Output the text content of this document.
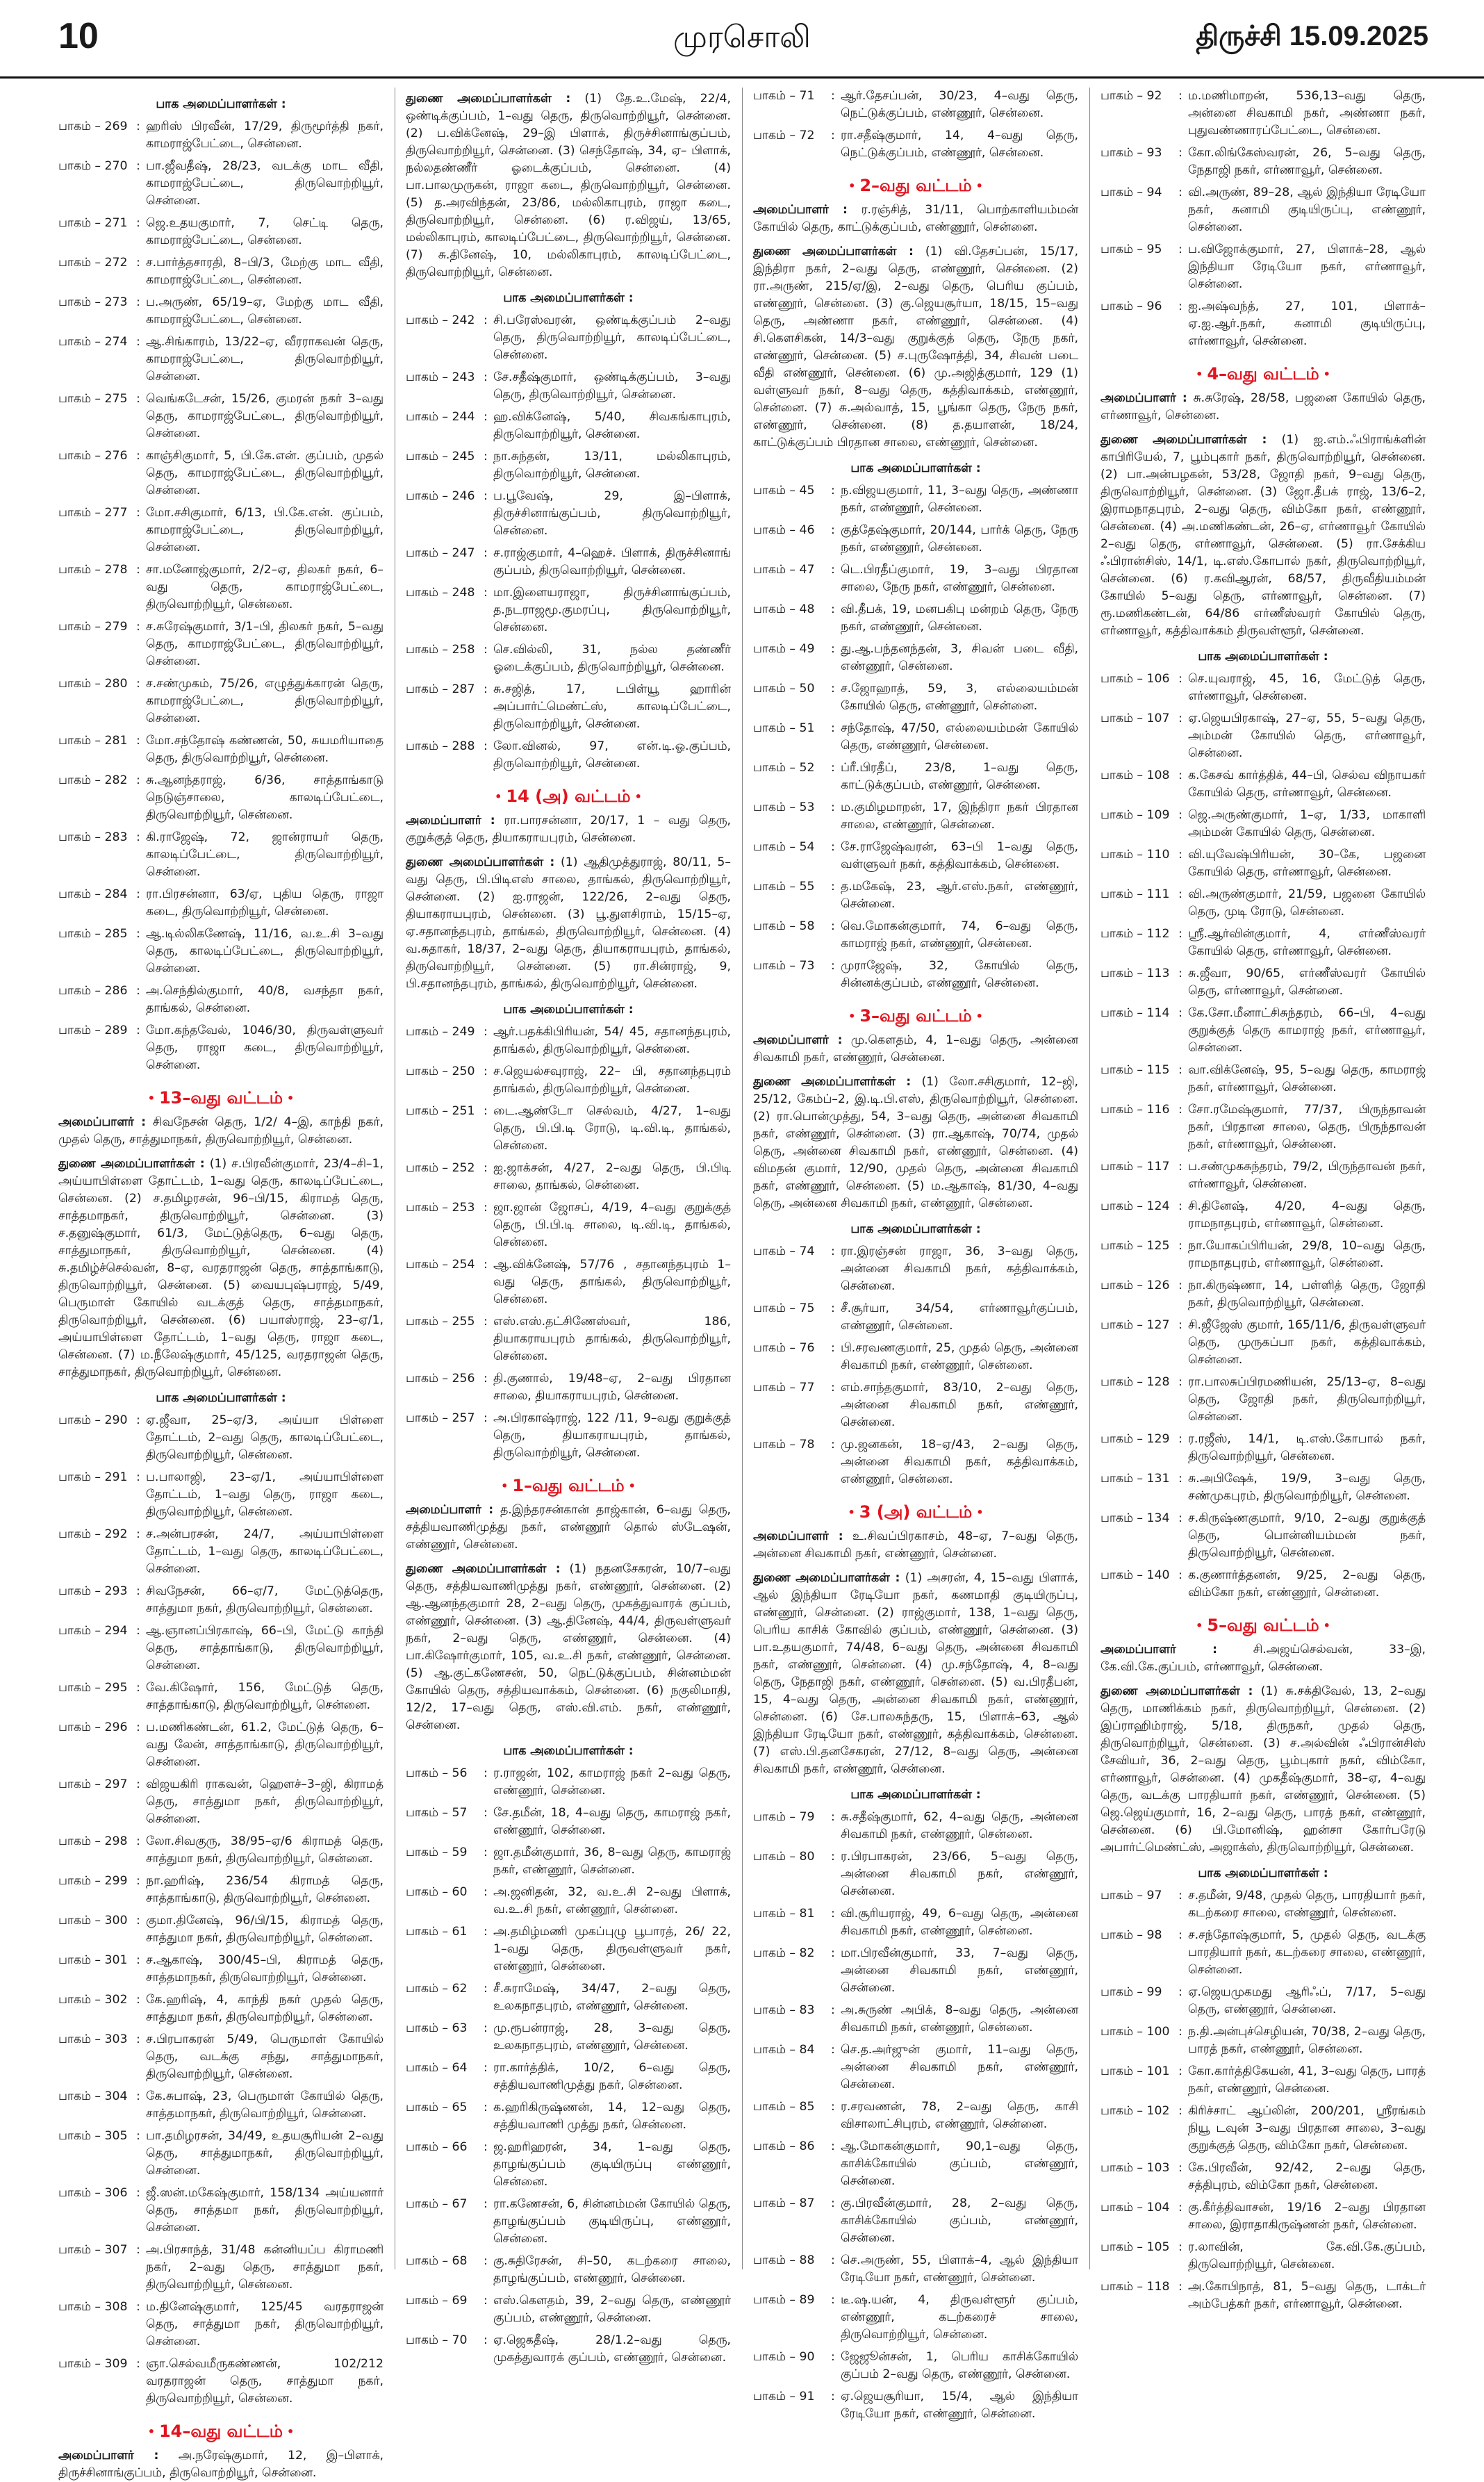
10	முரசொலி	திருச்சி 15.09.2025
பாக அமைப்பாளர்கள் :
பாகம் – 269 : ஹரிஸ் பிரவீன், 17/29, திருமூர்த்தி நகர், காமராஜ்பேட்டை, சென்னை.
பாகம் – 270 : பா.ஜீவதீஷ், 28/23, வடக்கு மாட வீதி, காமராஜ்பேட்டை, திருவொற்றியூர், சென்னை.
பாகம் – 271 : ஜெ.உதயகுமார், 7, செட்டி தெரு, காமராஜ்பேட்டை, சென்னை.
பாகம் – 272 : ச.பார்த்தசாரதி, 8–பி/3, மேற்கு மாட வீதி, காமராஜ்பேட்டை, சென்னை.
பாகம் – 273 : ப.அருண், 65/19–ஏ, மேற்கு மாட வீதி, காமராஜ்பேட்டை, சென்னை.
பாகம் – 274 : ஆ.சிங்காரம், 13/22–ஏ, வீரராகவன் தெரு, காமராஜ்பேட்டை, திருவொற்றியூர், சென்னை.
பாகம் – 275 : வெங்கடேசன், 15/26, குமரன் நகர் 3–வது தெரு, காமராஜ்பேட்டை, திருவொற்றியூர், சென்னை.
பாகம் – 276 : காஞ்சிகுமார், 5, பி.கே.என். குப்பம், முதல் தெரு, காமராஜ்பேட்டை, திருவொற்றியூர், சென்னை.
பாகம் – 277 : மோ.சசிகுமார், 6/13, பி.கே.என். குப்பம், காமராஜ்பேட்டை, திருவொற்றியூர், சென்னை.
பாகம் – 278 : சா.மனோஜ்குமார், 2/2–ஏ, திலகர் நகர், 6–வது தெரு, காமராஜ்பேட்டை, திருவொற்றியூர், சென்னை.
பாகம் – 279 : ச.சுரேஷ்குமார், 3/1–பி, திலகர் நகர், 5–வது தெரு, காமராஜ்பேட்டை, திருவொற்றியூர், சென்னை.
பாகம் – 280 : ச.சண்முகம், 75/26, எழுத்துக்காரன் தெரு, காமராஜ்பேட்டை, திருவொற்றியூர், சென்னை.
பாகம் – 281 : மோ.சந்தோஷ் கண்ணன், 50, சுயமரியாதை தெரு, திருவொற்றியூர், சென்னை.
பாகம் – 282 : சு.ஆனந்தராஜ், 6/36, சாத்தாங்காடு நெடுஞ்சாலை, காலடிப்பேட்டை, திருவொற்றியூர், சென்னை.
பாகம் – 283 : கி.ராஜேஷ், 72, ஜான்ராயர் தெரு, காலடிப்பேட்டை, திருவொற்றியூர், சென்னை.
பாகம் – 284 : ரா.பிரசன்னா, 63/ஏ, புதிய தெரு, ராஜா கடை, திருவொற்றியூர், சென்னை.
பாகம் – 285 : ஆ.டில்லிகணேஷ், 11/16, வ.உ.சி 3–வது தெரு, காலடிப்பேட்டை, திருவொற்றியூர், சென்னை.
பாகம் – 286 : அ.செந்தில்குமார், 40/8, வசந்தா நகர், தாங்கல், சென்னை.
பாகம் – 289 : மோ.கந்தவேல், 1046/30, திருவள்ளுவர் தெரு, ராஜா கடை, திருவொற்றியூர், சென்னை.
• 13–வது வட்டம் •
அமைப்பாளர் : சிவநேசன் தெரு, 1/2/ 4–இ, காந்தி நகர், முதல் தெரு, சாத்துமாநகர், திருவொற்றியூர், சென்னை.
துணை அமைப்பாளர்கள் : (1) ச.பிரவீன்குமார், 23/4–சி–1, அய்யாபிள்ளை தோட்டம், 1–வது தெரு, காலடிப்பேட்டை, சென்னை. (2) ச.தமிழரசன், 96–பி/15, கிராமத் தெரு, சாத்தமாநகர், திருவொற்றியூர், சென்னை. (3) ச.தனுஷ்குமார், 61/3, மேட்டுத்தெரு, 6–வது தெரு, சாத்துமாநகர், திருவொற்றியூர், சென்னை. (4) சு.தமிழ்ச்செல்வன், 8–ஏ, வரதராஜன் தெரு, சாத்தாங்காடு, திருவொற்றியூர், சென்னை. (5) வையபுஷ்பராஜ், 5/49, பெருமாள் கோயில் வடக்குத் தெரு, சாத்தமாநகர், திருவொற்றியூர், சென்னை. (6) பயாஸ்ராஜ், 23–ஏ/1, அய்யாபிள்ளை தோட்டம், 1–வது தெரு, ராஜா கடை, சென்னை. (7) ம.நீலேஷ்குமார், 45/125, வரதராஜன் தெரு, சாத்துமாநகர், திருவொற்றியூர், சென்னை.
பாக அமைப்பாளர்கள் :
பாகம் – 290 : ஏ.ஜீவா, 25–ஏ/3, அய்யா பிள்ளை தோட்டம், 2–வது தெரு, காலடிப்பேட்டை, திருவொற்றியூர், சென்னை.
பாகம் – 291 : ப.பாலாஜி, 23–ஏ/1, அய்யாபிள்ளை தோட்டம், 1–வது தெரு, ராஜா கடை, திருவொற்றியூர், சென்னை.
பாகம் – 292 : ச.அன்பரசன், 24/7, அய்யாபிள்ளை தோட்டம், 1–வது தெரு, காலடிப்பேட்டை, சென்னை.
பாகம் – 293 : சிவநேசன், 66–ஏ/7, மேட்டுத்தெரு, சாத்துமா நகர், திருவொற்றியூர், சென்னை.
பாகம் – 294 : ஆ.ஞானப்பிரகாஷ், 66–பி, மேட்டு காந்தி தெரு, சாத்தாங்காடு, திருவொற்றியூர், சென்னை.
பாகம் – 295 : வே.கிஷோர், 156, மேட்டுத் தெரு, சாத்தாங்காடு, திருவொற்றியூர், சென்னை.
பாகம் – 296 : ப.மணிகண்டன், 61.2, மேட்டுத் தெரு, 6–வது லேன், சாத்தாங்காடு, திருவொற்றியூர், சென்னை.
பாகம் – 297 : விஜயகிரி ராகவன், ஹௌச்–3–ஜி, கிராமத் தெரு, சாத்துமா நகர், திருவொற்றியூர், சென்னை.
பாகம் – 298 : லோ.சிவகுரு, 38/95–ஏ/6 கிராமத் தெரு, சாத்துமா நகர், திருவொற்றியூர், சென்னை.
பாகம் – 299 : நா.ஹரிஷ், 236/54 கிராமத் தெரு, சாத்தாங்காடு, திருவொற்றியூர், சென்னை.
பாகம் – 300 : குமா.தினேஷ், 96/பி/15, கிராமத் தெரு, சாத்துமா நகர், திருவொற்றியூர், சென்னை.
பாகம் – 301 : ச.ஆகாஷ், 300/45–பி, கிராமத் தெரு, சாத்தமாநகர், திருவொற்றியூர், சென்னை.
பாகம் – 302 : கே.ஹரிஷ், 4, காந்தி நகர் முதல் தெரு, சாத்துமா நகர், திருவொற்றியூர், சென்னை.
பாகம் – 303 : ச.பிரபாகரன் 5/49, பெருமாள் கோயில் தெரு, வடக்கு சந்து, சாத்துமாநகர், திருவொற்றியூர், சென்னை.
பாகம் – 304 : கே.சுபாஷ், 23, பெருமாள் கோயில் தெரு, சாத்தமாநகர், திருவொற்றியூர், சென்னை.
பாகம் – 305 : பா.தமிழரசன், 34/49, உதயசூரியன் 2–வது தெரு, சாத்துமாநகர், திருவொற்றியூர், சென்னை.
பாகம் – 306 : ஜீ.ஸன்.மகேஷ்குமார், 158/134 அய்யனார் தெரு, சாத்தமா நகர், திருவொற்றியூர், சென்னை.
பாகம் – 307 : அ.பிரசாந்த், 31/48 கன்னியப்ப கிராமணி நகர், 2–வது தெரு, சாத்துமா நகர், திருவொற்றியூர், சென்னை.
பாகம் – 308 : ம.தினேஷ்குமார், 125/45 வரதராஜன் தெரு, சாத்துமா நகர், திருவொற்றியூர், சென்னை.
பாகம் – 309 : ஞா.செல்வமீருகண்ணன், 102/212 வரதராஜன் தெரு, சாத்துமா நகர், திருவொற்றியூர், சென்னை.
• 14–வது வட்டம் •
அமைப்பாளர் : அ.நரேஷ்குமார், 12, இ–பிளாக், திருச்சினாங்குப்பம், திருவொற்றியூர், சென்னை.
துணை அமைப்பாளர்கள் : (1) தே.உ.மேஷ், 22/4, ஒண்டிக்குப்பம், 1–வது தெரு, திருவொற்றியூர், சென்னை. (2) ப.விக்னேஷ், 29–இ பிளாக், திருச்சினாங்குப்பம், திருவொற்றியூர், சென்னை. (3) செந்தோஷ், 34, ஏ– பிளாக், நல்லதண்ணீர் ஓடைக்குப்பம், சென்னை. (4) பா.பாலமுருகன், ராஜா கடை, திருவொற்றியூர், சென்னை. (5) த.அரவிந்தன், 23/86, மல்லிகாபுரம், ராஜா கடை, திருவொற்றியூர், சென்னை. (6) ர.விஜய், 13/65, மல்லிகாபுரம், காலடிப்பேட்டை, திருவொற்றியூர், சென்னை. (7) சு.தினேஷ், 10, மல்லிகாபுரம், காலடிப்பேட்டை, திருவொற்றியூர், சென்னை.
பாக அமைப்பாளர்கள் :
பாகம் – 242 : சி.பரேஸ்வரன், ஒண்டிக்குப்பம் 2–வது தெரு, திருவொற்றியூர், காலடிப்பேட்டை, சென்னை.
பாகம் – 243 : சே.சதீஷ்குமார், ஒண்டிக்குப்பம், 3–வது தெரு, திருவொற்றியூர், சென்னை.
பாகம் – 244 : ஹ.விக்னேஷ், 5/40, சிவகங்காபுரம், திருவொற்றியூர், சென்னை.
பாகம் – 245 : நா.சுந்தன், 13/11, மல்லிகாபுரம், திருவொற்றியூர், சென்னை.
பாகம் – 246 : ப.பூவேஷ், 29, இ–பிளாக், திருச்சினாங்குப்பம், திருவொற்றியூர், சென்னை.
பாகம் – 247 : ச.ராஜ்குமார், 4–ஹெச். பிளாக், திருச்சினாங் குப்பம், திருவொற்றியூர், சென்னை.
பாகம் – 248 : மா.இளையராஜா, திருச்சினாங்குப்பம், த.நடராஜமூ.குமரப்பு, திருவொற்றியூர், சென்னை.
பாகம் – 258 : செ.வில்லி, 31, நல்ல தண்ணீர் ஓடைக்குப்பம், திருவொற்றியூர், சென்னை.
பாகம் – 287 : சு.சஜித், 17, டபிள்யூ ஹாரின் அப்பார்ட்மெண்ட்ஸ், காலடிப்பேட்டை, திருவொற்றியூர், சென்னை.
பாகம் – 288 : லோ.வினல், 97, என்.டி.ஓ.குப்பம், திருவொற்றியூர், சென்னை.
• 14 (அ) வட்டம் •
அமைப்பாளர் : ரா.பாரசன்னா, 20/17, 1 – வது தெரு, குறுக்குத் தெரு, தியாகராயபுரம், சென்னை.
துணை அமைப்பாளர்கள் : (1) ஆதிமுத்துராஜ், 80/11, 5–வது தெரு, பி.பிடிஎஸ் சாலை, தாங்கல், திருவொற்றியூர், சென்னை. (2) ஐ.ராஜன், 122/26, 2–வது தெரு, தியாகராயபுரம், சென்னை. (3) பூ.துளசிராம், 15/15–ஏ, ஏ.சதானந்தபுரம், தாங்கல், திருவொற்றியூர், சென்னை. (4) வ.சுதாகர், 18/37, 2–வது தெரு, தியாகராயபுரம், தாங்கல், திருவொற்றியூர், சென்னை. (5) ரா.சின்ராஜ், 9, பி.சதானந்தபுரம், தாங்கல், திருவொற்றியூர், சென்னை.
பாக அமைப்பாளர்கள் :
பாகம் – 249 : ஆர்.பதக்கிபிரியன், 54/ 45, சதானந்தபுரம், தாங்கல், திருவொற்றியூர், சென்னை.
பாகம் – 250 : ச.ஜெயல்சவுராஜ், 22– பி, சதானந்தபுரம் தாங்கல், திருவொற்றியூர், சென்னை.
பாகம் – 251 : டை.ஆண்டோ செல்வம், 4/27, 1–வது தெரு, பி.பி.டி ரோடு, டி.வி.டி, தாங்கல், சென்னை.
பாகம் – 252 : ஐ.ஜாக்சன், 4/27, 2–வது தெரு, பி.பிடி சாலை, தாங்கல், சென்னை.
பாகம் – 253 : ஜா.ஜான் ஜோசப், 4/19, 4–வது குறுக்குத் தெரு, பி.பி.டி சாலை, டி.வி.டி, தாங்கல், சென்னை.
பாகம் – 254 : ஆ.விக்னேஷ், 57/76 , சதானந்தபுரம் 1–வது தெரு, தாங்கல், திருவொற்றியூர், சென்னை.
பாகம் – 255 : எஸ்.எஸ்.தட்சிணேஸ்வர், 186, தியாகராயபுரம் தாங்கல், திருவொற்றியூர், சென்னை.
பாகம் – 256 : தி.குணால், 19/48–ஏ, 2–வது பிரதான சாலை, தியாகராயபுரம், சென்னை.
பாகம் – 257 : அ.பிரகாஷ்ராஜ், 122 /11, 9–வது குறுக்குத் தெரு, தியாகராயபுரம், தாங்கல், திருவொற்றியூர், சென்னை.
• 1–வது வட்டம் •
அமைப்பாளர் : த.இந்தரசன்கான் தாஜ்கான், 6–வது தெரு, சத்தியவாணிமுத்து நகர், எண்ணூர் தொல் ஸ்டேஷன், எண்ணூர், சென்னை.
துணை அமைப்பாளர்கள் : (1) நதனசேகரன், 10/7–வது தெரு, சத்தியவாணிமுத்து நகர், எண்ணூர், சென்னை. (2) ஆ.ஆனந்தகுமார் 28, 2–வது தெரு, முகத்துவாரக் குப்பம், எண்ணூர், சென்னை. (3) ஆ.தினேஷ், 44/4, திருவள்ளுவர் நகர், 2–வது தெரு, எண்ணூர், சென்னை. (4) பா.கிஷோர்குமார், 105, வ.உ.சி நகர், எண்ணூர், சென்னை. (5) ஆ.குட்கணேசன், 50, நெட்டுக்குப்பம், சின்னம்மன் கோயில் தெரு, சத்தியவாக்கம், சென்னை. (6) நகுலிமாதி, 12/2, 17–வது தெரு, எஸ்.வி.எம். நகர், எண்ணூர், சென்னை.
பாக அமைப்பாளர்கள் :
பாகம் – 56	: ர.ராஜன், 102, காமராஜ் நகர் 2–வது தெரு, எண்ணூர், சென்னை.
பாகம் – 57	: சே.தமீன், 18, 4–வது தெரு, காமராஜ் நகர், எண்ணூர், சென்னை.
பாகம் – 59	: ஜா.தமீன்குமார், 36, 8–வது தெரு, காமராஜ் நகர், எண்ணூர், சென்னை.
பாகம் – 60	: அ.ஜனிதன், 32, வ.உ.சி 2–வது பிளாக், வ.உ.சி நகர், எண்ணூர், சென்னை.
பாகம் – 61	: அ.தமிழ்மணி முகப்புழு பூபாரத், 26/ 22, 1–வது தெரு, திருவள்ளுவர் நகர், எண்ணூர், சென்னை.
பாகம் – 62	: சீ.சுராமேஷ், 34/47, 2–வது தெரு, உலகநாதபுரம், எண்ணூர், சென்னை.
பாகம் – 63	: மு.ரூபன்ராஜ், 28, 3–வது தெரு, உலகநாதபுரம், எண்ணூர், சென்னை.
பாகம் – 64	: ரா.கார்த்திக், 10/2, 6–வது தெரு, சத்தியவாணிமுத்து நகர், சென்னை.
பாகம் – 65	: க.ஹரிகிருஷ்ணன், 14, 12–வது தெரு, சத்தியவாணி முத்து நகர், சென்னை.
பாகம் – 66	: ஜ.ஹரிஹரன், 34, 1–வது தெரு, தாழங்குப்பம் குடியிருப்பு எண்ணூர், சென்னை.
பாகம் – 67	: ரா.கணேசன், 6, சின்னம்மன் கோயில் தெரு, தாழங்குப்பம் குடியிருப்பு, எண்ணூர், சென்னை.
பாகம் – 68	: கு.சுதிரேசன், சி–50, கடற்கரை சாலை, தாழங்குப்பம், எண்ணூர், சென்னை.
பாகம் – 69	: எஸ்.கௌதம், 39, 2–வது தெரு, எண்ணூர் குப்பம், எண்ணூர், சென்னை.
பாகம் – 70	: ஏ.ஜெகதீஷ், 28/1.2–வது தெரு, முகத்துவாரக் குப்பம், எண்ணூர், சென்னை.
பாகம் – 71	: ஆர்.தேசப்பன், 30/23, 4–வது தெரு, நெட்டுக்குப்பம், எண்ணூர், சென்னை.
பாகம் – 72	: ரா.சதீஷ்குமார், 14, 4–வது தெரு, நெட்டுக்குப்பம், எண்ணூர், சென்னை.
• 2–வது வட்டம் •
அமைப்பாளர் : ர.ரஞ்சித், 31/11, பொற்காளியம்மன் கோயில் தெரு, காட்டுக்குப்பம், எண்ணூர், சென்னை.
துணை அமைப்பாளர்கள் : (1) வி.தேசப்பன், 15/17, இந்திரா நகர், 2–வது தெரு, எண்ணூர், சென்னை. (2) ரா.அருண், 215/ஏ/இ, 2–வது தெரு, பெரிய குப்பம், எண்ணூர், சென்னை. (3) கு.ஜெயசூர்யா, 18/15, 15–வது தெரு, அண்ணா நகர், எண்ணூர், சென்னை. (4) சி.கௌசிகன், 14/3–வது குறுக்குத் தெரு, நேரு நகர், எண்ணூர், சென்னை. (5) ச.புருஷோத்தி, 34, சிவன் படை வீதி எண்ணூர், சென்னை. (6) மு.அஜித்குமார், 129 (1) வள்ளுவர் நகர், 8–வது தெரு, கத்திவாக்கம், எண்ணூர், சென்னை. (7) சு.அல்வாத், 15, பூங்கா தெரு, நேரு நகர், எண்ணூர், சென்னை. (8) த.தயாளன், 18/24, காட்டுக்குப்பம் பிரதான சாலை, எண்ணூர், சென்னை.
பாக அமைப்பாளர்கள் :
பாகம் – 45	: ந.விஜயகுமார், 11, 3–வது தெரு, அண்ணா நகர், எண்ணூர், சென்னை.
பாகம் – 46	: குத்தேஷ்குமார், 20/144, பார்க் தெரு, நேரு நகர், எண்ணூர், சென்னை.
பாகம் – 47	: டெ.பிரதீப்குமார், 19, 3–வது பிரதான சாலை, நேரு நகர், எண்ணூர், சென்னை.
பாகம் – 48	: வி.தீபக், 19, மனபகிபு மன்றம் தெரு, நேரு நகர், எண்ணூர், சென்னை.
பாகம் – 49	: து.ஆ.பந்தனந்தன், 3, சிவன் படை வீதி, எண்ணூர், சென்னை.
பாகம் – 50	: ச.ஜோஹாத், 59, 3, எல்லையம்மன் கோயில் தெரு, எண்ணூர், சென்னை.
பாகம் – 51	: சந்தோஷ், 47/50, எல்லையம்மன் கோயில் தெரு, எண்ணூர், சென்னை.
பாகம் – 52	: ப்ரீ.பிரதீப், 23/8, 1–வது தெரு, காட்டுக்குப்பம், எண்ணூர், சென்னை.
பாகம் – 53	: ம.குமிழமாறன், 17, இந்திரா நகர் பிரதான சாலை, எண்ணூர், சென்னை.
பாகம் – 54	: சே.ராஜேஷ்வரன், 63–பி 1–வது தெரு, வள்ளுவர் நகர், கத்திவாக்கம், சென்னை.
பாகம் – 55	: த.மகேஷ், 23, ஆர்.எஸ்.நகர், எண்ணூர், சென்னை.
பாகம் – 58	: வெ.மோகன்குமார், 74, 6–வது தெரு, காமராஜ் நகர், எண்ணூர், சென்னை.
பாகம் – 73	: முராஜேஷ், 32, கோயில் தெரு, சின்னக்குப்பம், எண்ணூர், சென்னை.
• 3–வது வட்டம் •
அமைப்பாளர் : மு.கௌதம், 4, 1–வது தெரு, அன்னை சிவகாமி நகர், எண்ணூர், சென்னை.
துணை அமைப்பாளர்கள் : (1) லோ.சசிகுமார், 12–ஜி, 25/12, கேம்ப்–2, இ.டி.பி.எஸ், திருவொற்றியூர், சென்னை. (2) ரா.பொன்முத்து, 54, 3–வது தெரு, அன்னை சிவகாமி நகர், எண்ணூர், சென்னை. (3) ரா.ஆகாஷ், 70/74, முதல் தெரு, அன்னை சிவகாமி நகர், எண்ணூர், சென்னை. (4) விமதன் குமார், 12/90, முதல் தெரு, அன்னை சிவகாமி நகர், எண்ணூர், சென்னை. (5) ம.ஆகாஷ், 81/30, 4–வது தெரு, அன்னை சிவகாமி நகர், எண்ணூர், சென்னை.
பாக அமைப்பாளர்கள் :
பாகம் – 74	: ரா.இரஞ்சன் ராஜா, 36, 3–வது தெரு, அன்னை சிவகாமி நகர், கத்திவாக்கம், சென்னை.
பாகம் – 75	: சீ.சூர்யா, 34/54, எர்ணாவூர்குப்பம், எண்ணூர், சென்னை.
பாகம் – 76	: பி.சரவணகுமார், 25, முதல் தெரு, அன்னை சிவகாமி நகர், எண்ணூர், சென்னை.
பாகம் – 77	: எம்.சாந்தகுமார், 83/10, 2–வது தெரு, அன்னை சிவகாமி நகர், எண்ணூர், சென்னை.
பாகம் – 78	: மு.ஜனகன், 18–ஏ/43, 2–வது தெரு, அன்னை சிவகாமி நகர், கத்திவாக்கம், எண்ணூர், சென்னை.
• 3 (அ) வட்டம் •
அமைப்பாளர் : உ.சிவப்பிரகாசம், 48–ஏ, 7–வது தெரு, அன்னை சிவகாமி நகர், எண்ணூர், சென்னை.
துணை அமைப்பாளர்கள் : (1) அசரன், 4, 15–வது பிளாக், ஆல் இந்தியா ரேடியோ நகர், கணமாதி குடியிருப்பு, எண்ணூர், சென்னை. (2) ராஜ்குமார், 138, 1–வது தெரு, பெரிய காசிக் கோவில் குப்பம், எண்ணூர், சென்னை. (3) பா.உதயகுமார், 74/48, 6–வது தெரு, அன்னை சிவகாமி நகர், எண்ணூர், சென்னை. (4) மு.சந்தோஷ், 4, 8–வது தெரு, நேதாஜி நகர், எண்ணூர், சென்னை. (5) வ.பிரதீபன், 15, 4–வது தெரு, அன்னை சிவகாமி நகர், எண்ணூர், சென்னை. (6) சே.பாலசுந்தரு, 15, பிளாக்–63, ஆல் இந்தியா ரேடியோ நகர், எண்ணூர், கத்திவாக்கம், சென்னை. (7) எஸ்.பி.தனசேகரன், 27/12, 8–வது தெரு, அன்னை சிவகாமி நகர், எண்ணூர், சென்னை.
பாக அமைப்பாளர்கள் :
பாகம் – 79	: சு.சதீஷ்குமார், 62, 4–வது தெரு, அன்னை சிவகாமி நகர், எண்ணூர், சென்னை.
பாகம் – 80	: ர.பிரபாகரன், 23/66, 5–வது தெரு, அன்னை சிவகாமி நகர், எண்ணூர், சென்னை.
பாகம் – 81	: வி.சூரியராஜ், 49, 6–வது தெரு, அன்னை சிவகாமி நகர், எண்ணூர், சென்னை.
பாகம் – 82	: மா.பிரவீன்குமார், 33, 7–வது தெரு, அன்னை சிவகாமி நகர், எண்ணூர், சென்னை.
பாகம் – 83	: அ.சுருண் அபிக், 8–வது தெரு, அன்னை சிவகாமி நகர், எண்ணூர், சென்னை.
பாகம் – 84	: செ.த.அர்ஜுன் குமார், 11–வது தெரு, அன்னை சிவகாமி நகர், எண்ணூர், சென்னை.
பாகம் – 85	: ர.சரவணன், 78, 2–வது தெரு, காசி விசாலாட்சிபுரம், எண்ணூர், சென்னை.
பாகம் – 86	: ஆ.மோகன்குமார், 90,1–வது தெரு, காசிக்கோயில் குப்பம், எண்ணூர், சென்னை.
பாகம் – 87	: கு.பிரவீன்குமார், 28, 2–வது தெரு, காசிக்கோயில் குப்பம், எண்ணூர், சென்னை.
பாகம் – 88	: செ.அருண், 55, பிளாக்–4, ஆல் இந்தியா ரேடியோ நகர், எண்ணூர், சென்னை.
பாகம் – 89	: டீ.ஷ.யன், 4, திருவள்ளூர் குப்பம், எண்ணூர், கடற்கரைச் சாலை, திருவொற்றியூர், சென்னை.
பாகம் – 90	: ஜேஜூன்சன், 1, பெரிய காசிக்கோயில் குப்பம் 2–வது தெரு, எண்ணூர், சென்னை.
பாகம் – 91	: ஏ.ஜெயசூரியா, 15/4, ஆல் இந்தியா ரேடியோ நகர், எண்ணூர், சென்னை.
பாகம் – 92	: ம.மணிமாறன், 536,13–வது தெரு, அன்னை சிவகாமி நகர், அண்ணா நகர், புதுவண்ணாரப்பேட்டை, சென்னை.
பாகம் – 93	: கோ.லிங்கேஸ்வரன், 26, 5–வது தெரு, நேதாஜி நகர், எர்ணாவூர், சென்னை.
பாகம் – 94	: வி.அருண், 89–28, ஆல் இந்தியா ரேடியோ நகர், சுனாமி குடியிருப்பு, எண்ணூர், சென்னை.
பாகம் – 95	: ப.விஜோக்குமார், 27, பிளாக்–28, ஆல் இந்தியா ரேடியோ நகர், எர்ணாவூர், சென்னை.
பாகம் – 96	: ஐ.அஷ்வந்த், 27, 101, பிளாக்–ஏ.ஐ.ஆர்.நகர், சுனாமி குடியிருப்பு, எர்ணாவூர், சென்னை.
• 4–வது வட்டம் •
அமைப்பாளர் : சு.சுரேஷ், 28/58, பஜனை கோயில் தெரு, எர்ணாவூர், சென்னை.
துணை அமைப்பாளர்கள் : (1) ஐ.எம்.ஃபிராங்க்ளின் காபிரியேல், 7, பூம்புகார் நகர், திருவொற்றியூர், சென்னை. (2) பா.அன்பழகன், 53/28, ஜோதி நகர், 9–வது தெரு, திருவொற்றியூர், சென்னை. (3) ஜோ.தீபக் ராஜ், 13/6–2, இராமநாதபுரம், 2–வது தெரு, விம்கோ நகர், எண்ணூர், சென்னை. (4) அ.மணிகண்டன், 26–ஏ, எர்ணாவூர் கோயில் 2–வது தெரு, எர்ணாவூர், சென்னை. (5) ரா.சேக்கிய ஃபிரான்சிஸ், 14/1, டி.எஸ்.கோபால் நகர், திருவொற்றியூர், சென்னை. (6) ர.கவிஆரன், 68/57, திருவீதியம்மன் கோயில் 5–வது தெரு, எர்ணாவூர், சென்னை. (7) ரூ.மணிகண்டன், 64/86 எர்ணீஸ்வரர் கோயில் தெரு, எர்ணாவூர், கத்திவாக்கம் திருவள்ளூர், சென்னை.
பாக அமைப்பாளர்கள் :
பாகம் – 106 : செ.யுவராஜ், 45, 16, மேட்டுத் தெரு, எர்ணாவூர், சென்னை.
பாகம் – 107 : ஏ.ஜெயபிரகாஷ், 27–ஏ, 55, 5–வது தெரு, அம்மன் கோயில் தெரு, எர்ணாவூர், சென்னை.
பாகம் – 108 : க.கேசவ் கார்த்திக், 44–பி, செல்வ விநாயகர் கோயில் தெரு, எர்ணாவூர், சென்னை.
பாகம் – 109 : ஜெ.அருண்குமார், 1–ஏ, 1/33, மாகாளி அம்மன் கோயில் தெரு, சென்னை.
பாகம் – 110 : வி.யுவேஷ்பிரியன், 30–கே, பஜனை கோயில் தெரு, எர்ணாவூர், சென்னை.
பாகம் – 111 : வி.அருண்குமார், 21/59, பஜனை கோயில் தெரு, முடி ரோடு, சென்னை.
பாகம் – 112 : ஸ்ரீ.ஆர்வின்குமார், 4, எர்ணீஸ்வரர் கோயில் தெரு, எர்ணாவூர், சென்னை.
பாகம் – 113 : சு.ஜீவா, 90/65, எர்ணீஸ்வரர் கோயில் தெரு, எர்ணாவூர், சென்னை.
பாகம் – 114 : கே.சோ.மீனாட்சிசுந்தரம், 66–பி, 4–வது குறுக்குத் தெரு காமராஜ் நகர், எர்ணாவூர், சென்னை.
பாகம் – 115 : வா.விக்னேஷ், 95, 5–வது தெரு, காமராஜ் நகர், எர்ணாவூர், சென்னை.
பாகம் – 116 : சோ.ரமேஷ்குமார், 77/37, பிருந்தாவன் நகர், பிரதான சாலை, தெரு, பிருந்தாவன் நகர், எர்ணாவூர், சென்னை.
பாகம் – 117 : ப.சண்முகசுந்தரம், 79/2, பிருந்தாவன் நகர், எர்ணாவூர், சென்னை.
பாகம் – 124 : சி.தினேஷ், 4/20, 4–வது தெரு, ராமநாதபுரம், எர்ணாவூர், சென்னை.
பாகம் – 125 : நா.யோகப்பிரியன், 29/8, 10–வது தெரு, ராமநாதபுரம், எர்ணாவூர், சென்னை.
பாகம் – 126 : நா.கிருஷ்ணா, 14, பள்ளித் தெரு, ஜோதி நகர், திருவொற்றியூர், சென்னை.
பாகம் – 127 : சி.ஜீஜேஸ் குமார், 165/11/6, திருவள்ளுவர் தெரு, முருகப்பா நகர், கத்திவாக்கம், சென்னை.
பாகம் – 128 : ரா.பாலசுப்பிரமணியன், 25/13–ஏ, 8–வது தெரு, ஜோதி நகர், திருவொற்றியூர், சென்னை.
பாகம் – 129 : ர.ரஜீஸ், 14/1, டி.எஸ்.கோபால் நகர், திருவொற்றியூர், சென்னை.
பாகம் – 131 : சு.அபிஷேக், 19/9, 3–வது தெரு, சண்முகபுரம், திருவொற்றியூர், சென்னை.
பாகம் – 134 : ச.கிருஷ்ணகுமார், 9/10, 2–வது குறுக்குத் தெரு, பொன்னியம்மன் நகர், திருவொற்றியூர், சென்னை.
பாகம் – 140 : க.குணார்த்தனன், 9/25, 2–வது தெரு, விம்கோ நகர், எண்ணூர், சென்னை.
• 5–வது வட்டம் •
அமைப்பாளர் :	சி.அஜய்செல்வன், 33–இ, கே.வி.கே.குப்பம், எர்ணாவூர், சென்னை.
துணை அமைப்பாளர்கள் : (1) சு.சக்திவேல், 13, 2–வது தெரு, மாணிக்கம் நகர், திருவொற்றியூர், சென்னை. (2) இப்ராஹிம்ராஜ், 5/18, திருநகர், முதல் தெரு, திருவொற்றியூர், சென்னை. (3) ச.அல்வின் ஃபிரான்சிஸ் சேவியர், 36, 2–வது தெரு, பூம்புகார் நகர், விம்கோ, எர்ணாவூர், சென்னை. (4) முகதீஷ்குமார், 38–ஏ, 4–வது தெரு, வடக்கு பாரதியார் நகர், எண்ணூர், சென்னை. (5) ஜெ.ஜெய்குமார், 16, 2–வது தெரு, பாரத் நகர், எண்ணூர், சென்னை. (6) பி.மோனிஷ், ஹன்சா கோர்பரேடு அபார்ட்மெண்ட்ஸ், அஜாக்ஸ், திருவொற்றியூர், சென்னை.
பாக அமைப்பாளர்கள் :
பாகம் – 97	: ச.தமீன், 9/48, முதல் தெரு, பாரதியார் நகர், கடற்கரை சாலை, எண்ணூர், சென்னை.
பாகம் – 98	: ச.சந்தோஷ்குமார், 5, முதல் தெரு, வடக்கு பாரதியார் நகர், கடற்கரை சாலை, எண்ணூர், சென்னை.
பாகம் – 99	: ஏ.ஜெயமுகமது ஆரிஃப், 7/17, 5–வது தெரு, எண்ணூர், சென்னை.
பாகம் – 100 : ந.தி.அன்புச்செழியன், 70/38, 2–வது தெரு, பாரத் நகர், எண்ணூர், சென்னை.
பாகம் – 101 : கோ.கார்த்திகேயன், 41, 3–வது தெரு, பாரத் நகர், எண்ணூர், சென்னை.
பாகம் – 102 : கிரிச்சாட் ஆப்லின், 200/201, ஸ்ரீரங்கம் நியூ டவுன் 3–வது பிரதான சாலை, 3–வது குறுக்குத் தெரு, விம்கோ நகர், சென்னை.
பாகம் – 103 : கே.பிரவீன், 92/42, 2–வது தெரு, சத்திபுரம், விம்கோ நகர், சென்னை.
பாகம் – 104 : கு.கீர்த்திவாசன், 19/16 2–வது பிரதான சாலை, இராதாகிருஷ்ணன் நகர், சென்னை.
பாகம் – 105 : ர.லாவின், கே.வி.கே.குப்பம், திருவொற்றியூர், சென்னை.
பாகம் – 118 : அ.கோபிநாத், 81, 5–வது தெரு, டாக்டர் அம்பேத்கர் நகர், எர்ணாவூர், சென்னை.
